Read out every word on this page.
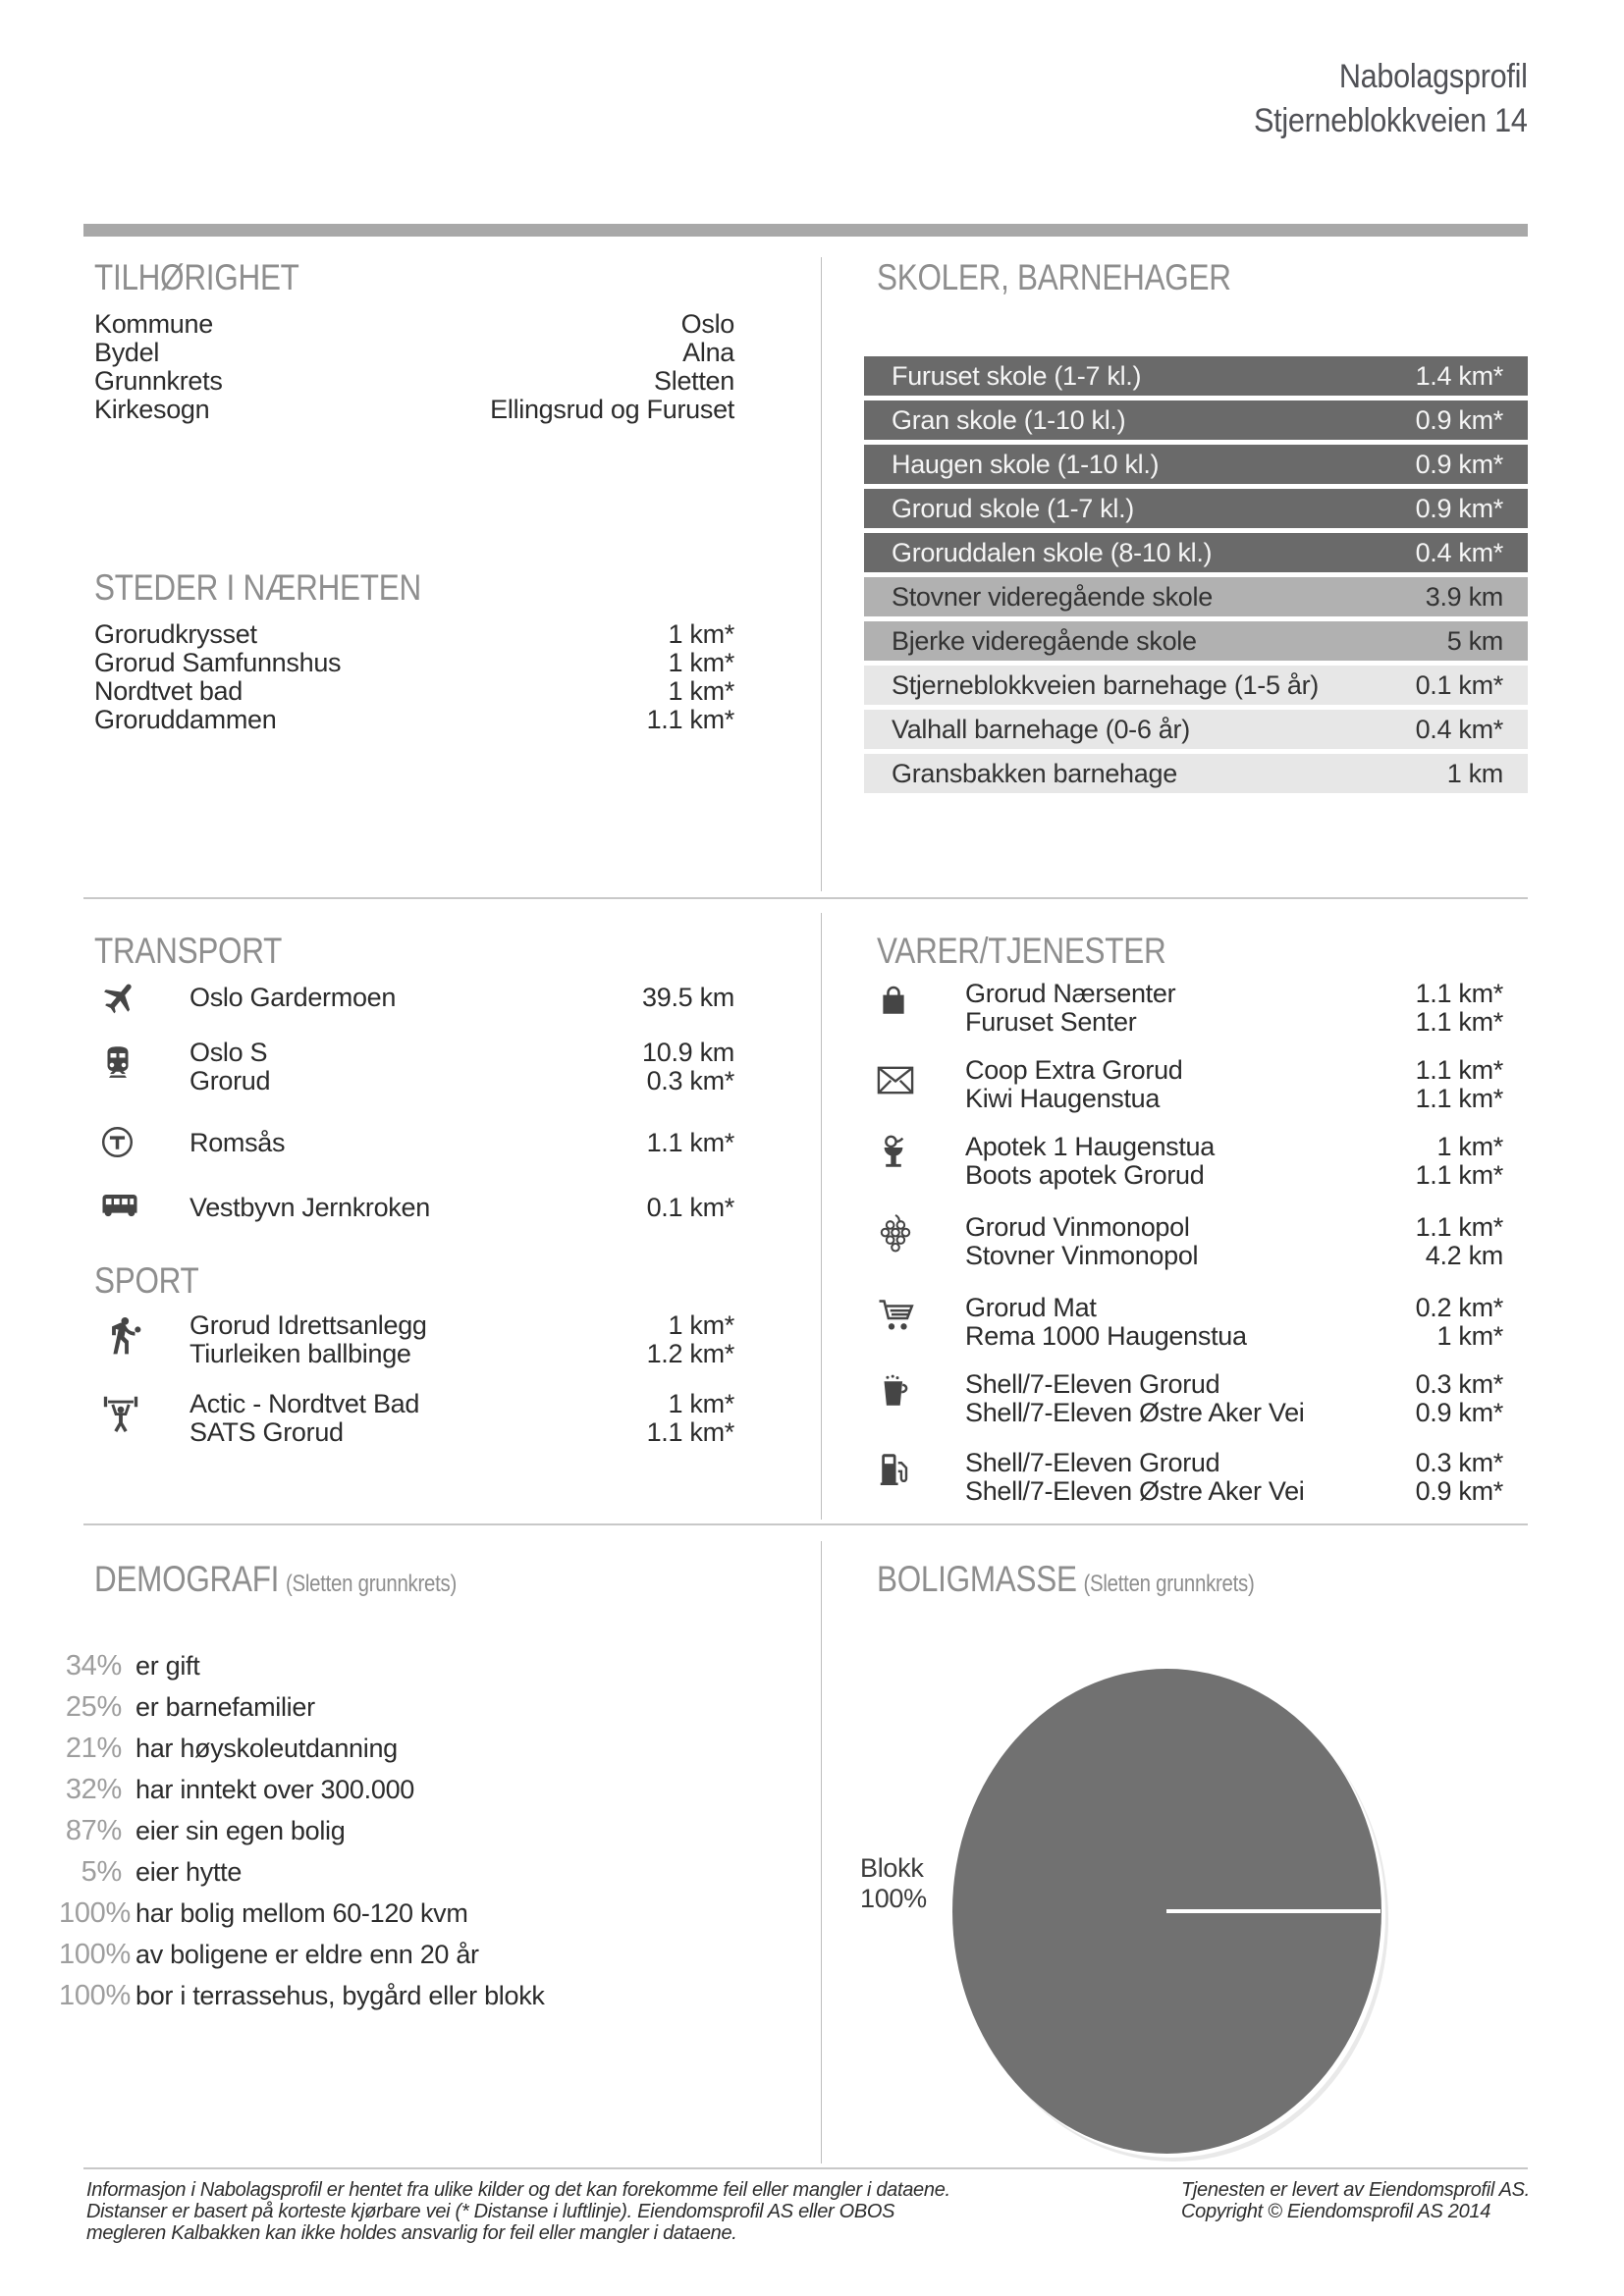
Nabolagsprofil
Stjerneblokkveien 14
TILHØRIGHET
Kommune	Oslo
Bydel	Alna
Grunnkrets	Sletten
Kirkesogn	Ellingsrud og Furuset
STEDER I NÆRHETEN
Grorudkrysset	1 km*
Grorud Samfunnshus	1 km*
Nordtvet bad	1 km*
Groruddammen	1.1 km*
SKOLER, BARNEHAGER
Furuset skole (1-7 kl.)	1.4 km*
Gran skole (1-10 kl.)	0.9 km*
Haugen skole (1-10 kl.)	0.9 km*
Grorud skole (1-7 kl.)	0.9 km*
Groruddalen skole (8-10 kl.)	0.4 km*
Stovner videregående skole	3.9 km
Bjerke videregående skole	5 km
Stjerneblokkveien barnehage (1-5 år)	0.1 km*
Valhall barnehage (0-6 år)	0.4 km*
Gransbakken barnehage	1 km
TRANSPORT
Oslo Gardermoen	39.5 km
Oslo S	10.9 km
Grorud	0.3 km*
Romsås	1.1 km*
Vestbyvn Jernkroken	0.1 km*
SPORT
Grorud Idrettsanlegg	1 km*
Tiurleiken ballbinge	1.2 km*
Actic - Nordtvet Bad	1 km*
SATS Grorud	1.1 km*
VARER/TJENESTER
Grorud Nærsenter	1.1 km*
Furuset Senter	1.1 km*
Coop Extra Grorud	1.1 km*
Kiwi Haugenstua	1.1 km*
Apotek 1 Haugenstua	1 km*
Boots apotek Grorud	1.1 km*
Grorud Vinmonopol	1.1 km*
Stovner Vinmonopol	4.2 km
Grorud Mat	0.2 km*
Rema 1000 Haugenstua	1 km*
Shell/7-Eleven Grorud	0.3 km*
Shell/7-Eleven Østre Aker Vei	0.9 km*
Shell/7-Eleven Grorud	0.3 km*
Shell/7-Eleven Østre Aker Vei	0.9 km*
DEMOGRAFI (Sletten grunnkrets)
34% er gift
25% er barnefamilier
21% har høyskoleutdanning
32% har inntekt over 300.000
87% eier sin egen bolig
5% eier hytte
100% har bolig mellom 60-120 kvm
100% av boligene er eldre enn 20 år
100% bor i terrassehus, bygård eller blokk
BOLIGMASSE (Sletten grunnkrets)
Blokk
100%
Informasjon i Nabolagsprofil er hentet fra ulike kilder og det kan forekomme feil eller mangler i dataene.
Distanser er basert på korteste kjørbare vei (* Distanse i luftlinje). Eiendomsprofil AS eller OBOS
megleren Kalbakken kan ikke holdes ansvarlig for feil eller mangler i dataene.
Tjenesten er levert av Eiendomsprofil AS.
Copyright © Eiendomsprofil AS 2014
